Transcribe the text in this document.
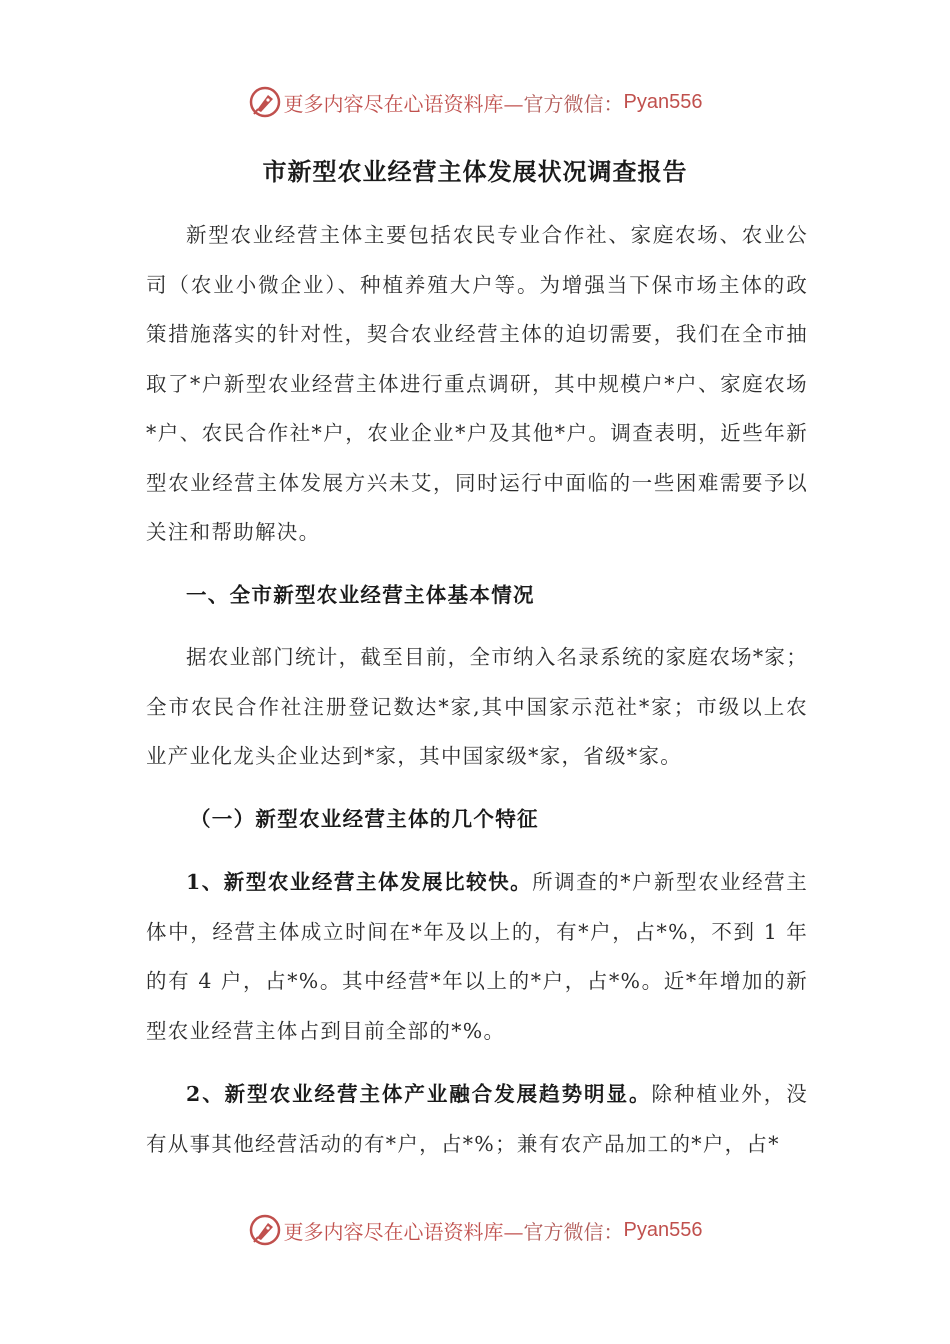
更多内容尽在心语资料库— 官方微信： Pyan556
市新型农业经营主体发展状况调查报告

新型农业经营主体主要包括农民专业合作社、家庭农场、农业公司（农业小微企业）、种植养殖大户等。为增强当下保市场主体的政策措施落实的针对性，契合农业经营主体的迫切需要，我们在全市抽取了*户新型农业经营主体进行重点调研，其中规模户*户、家庭农场*户、农民合作社*户，农业企业*户及其他*户。调查表明，近些年新型农业经营主体发展方兴未艾，同时运行中面临的一些困难需要予以关注和帮助解决。

一、全市新型农业经营主体基本情况

据农业部门统计，截至目前，全市纳入名录系统的家庭农场*家；全市农民合作社注册登记数达*家,其中国家示范社*家；市级以上农业产业化龙头企业达到*家，其中国家级*家，省级*家。

（一）新型农业经营主体的几个特征

1、新型农业经营主体发展比较快。所调查的*户新型农业经营主体中，经营主体成立时间在*年及以上的，有*户，占*%，不到 1 年的有 4 户，占*%。其中经营*年以上的*户，占*%。近*年增加的新型农业经营主体占到目前全部的*%。

2、新型农业经营主体产业融合发展趋势明显。除种植业外，没有从事其他经营活动的有*户，占*%；兼有农产品加工的*户，占*

更多内容尽在心语资料库— 官方微信： Pyan556
